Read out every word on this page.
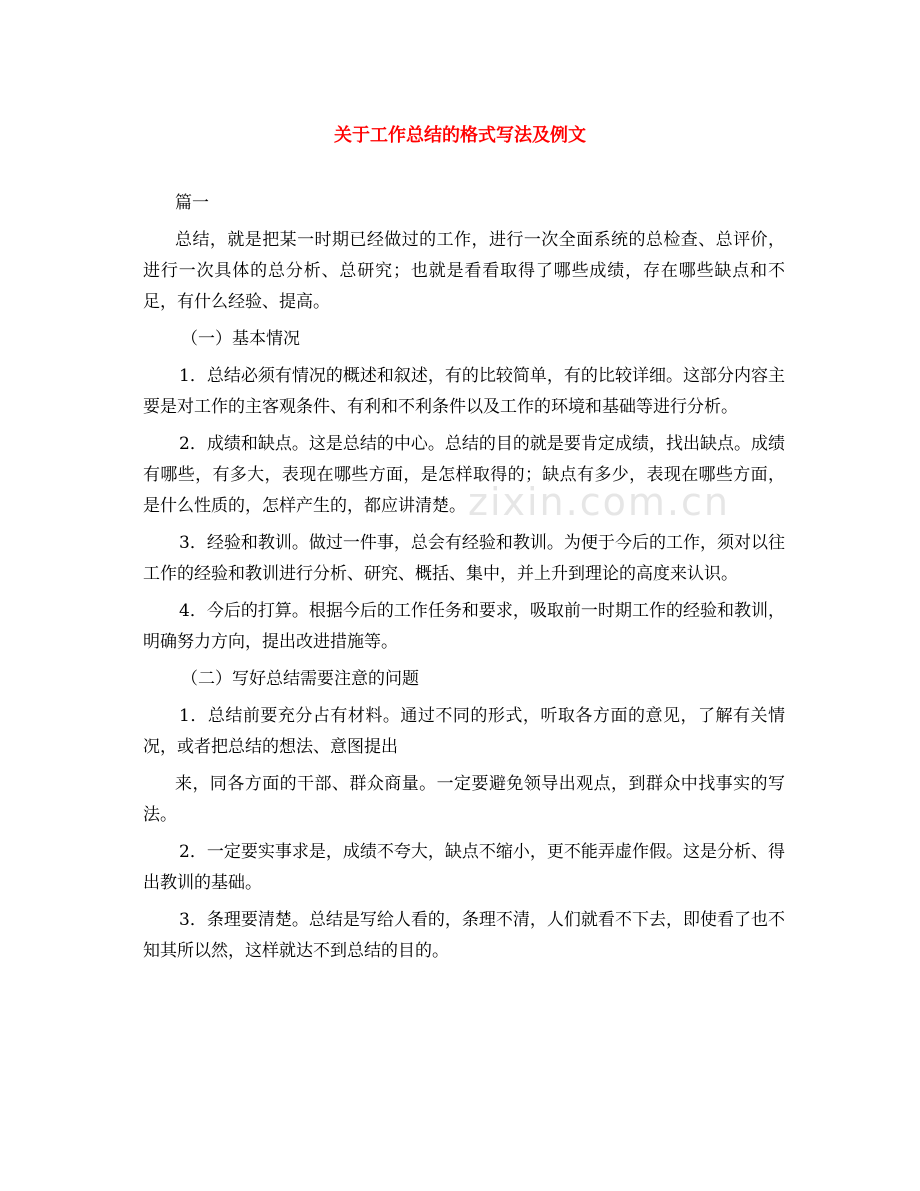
zixin.com.cn
关于工作总结的格式写法及例文

篇一

总结，就是把某一时期已经做过的工作，进行一次全面系统的总检查、总评价，进行一次具体的总分析、总研究；也就是看看取得了哪些成绩，存在哪些缺点和不足，有什么经验、提高。

（一）基本情况

1．总结必须有情况的概述和叙述，有的比较简单，有的比较详细。这部分内容主要是对工作的主客观条件、有利和不利条件以及工作的环境和基础等进行分析。

2．成绩和缺点。这是总结的中心。总结的目的就是要肯定成绩，找出缺点。成绩有哪些，有多大，表现在哪些方面，是怎样取得的；缺点有多少，表现在哪些方面，是什么性质的，怎样产生的，都应讲清楚。

3．经验和教训。做过一件事，总会有经验和教训。为便于今后的工作，须对以往工作的经验和教训进行分析、研究、概括、集中，并上升到理论的高度来认识。

4．今后的打算。根据今后的工作任务和要求，吸取前一时期工作的经验和教训，明确努力方向，提出改进措施等。

（二）写好总结需要注意的问题

1．总结前要充分占有材料。通过不同的形式，听取各方面的意见，了解有关情况，或者把总结的想法、意图提出

来，同各方面的干部、群众商量。一定要避免领导出观点，到群众中找事实的写法。

2．一定要实事求是，成绩不夸大，缺点不缩小，更不能弄虚作假。这是分析、得出教训的基础。

3．条理要清楚。总结是写给人看的，条理不清，人们就看不下去，即使看了也不知其所以然，这样就达不到总结的目的。
